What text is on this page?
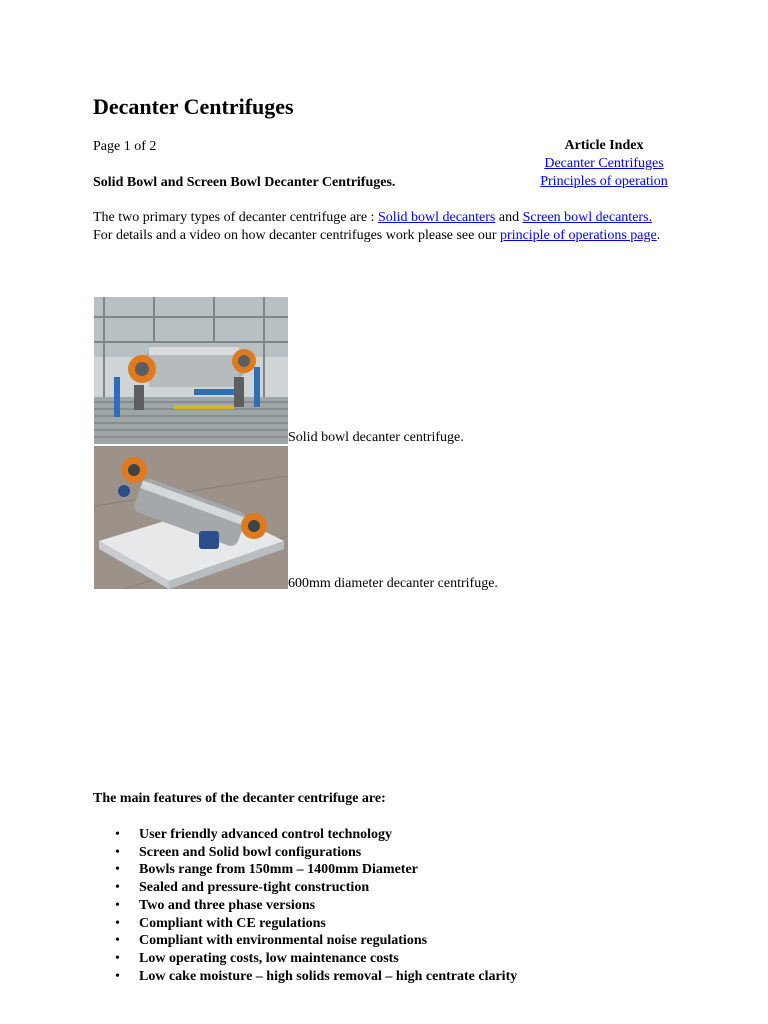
Decanter Centrifuges
Page 1 of 2
Solid Bowl and Screen Bowl Decanter Centrifuges.
Article Index
Decanter Centrifuges
Principles of operation
The two primary types of decanter centrifuge are : Solid bowl decanters and Screen bowl decanters.
For details and a video on how decanter centrifuges work please see our principle of operations page.
Solid bowl decanter centrifuge.
600mm diameter decanter centrifuge.
The main features of the decanter centrifuge are:
• User friendly advanced control technology
• Screen and Solid bowl configurations
• Bowls range from 150mm – 1400mm Diameter
• Sealed and pressure-tight construction
• Two and three phase versions
• Compliant with CE regulations
• Compliant with environmental noise regulations
• Low operating costs, low maintenance costs
• Low cake moisture – high solids removal – high centrate clarity
